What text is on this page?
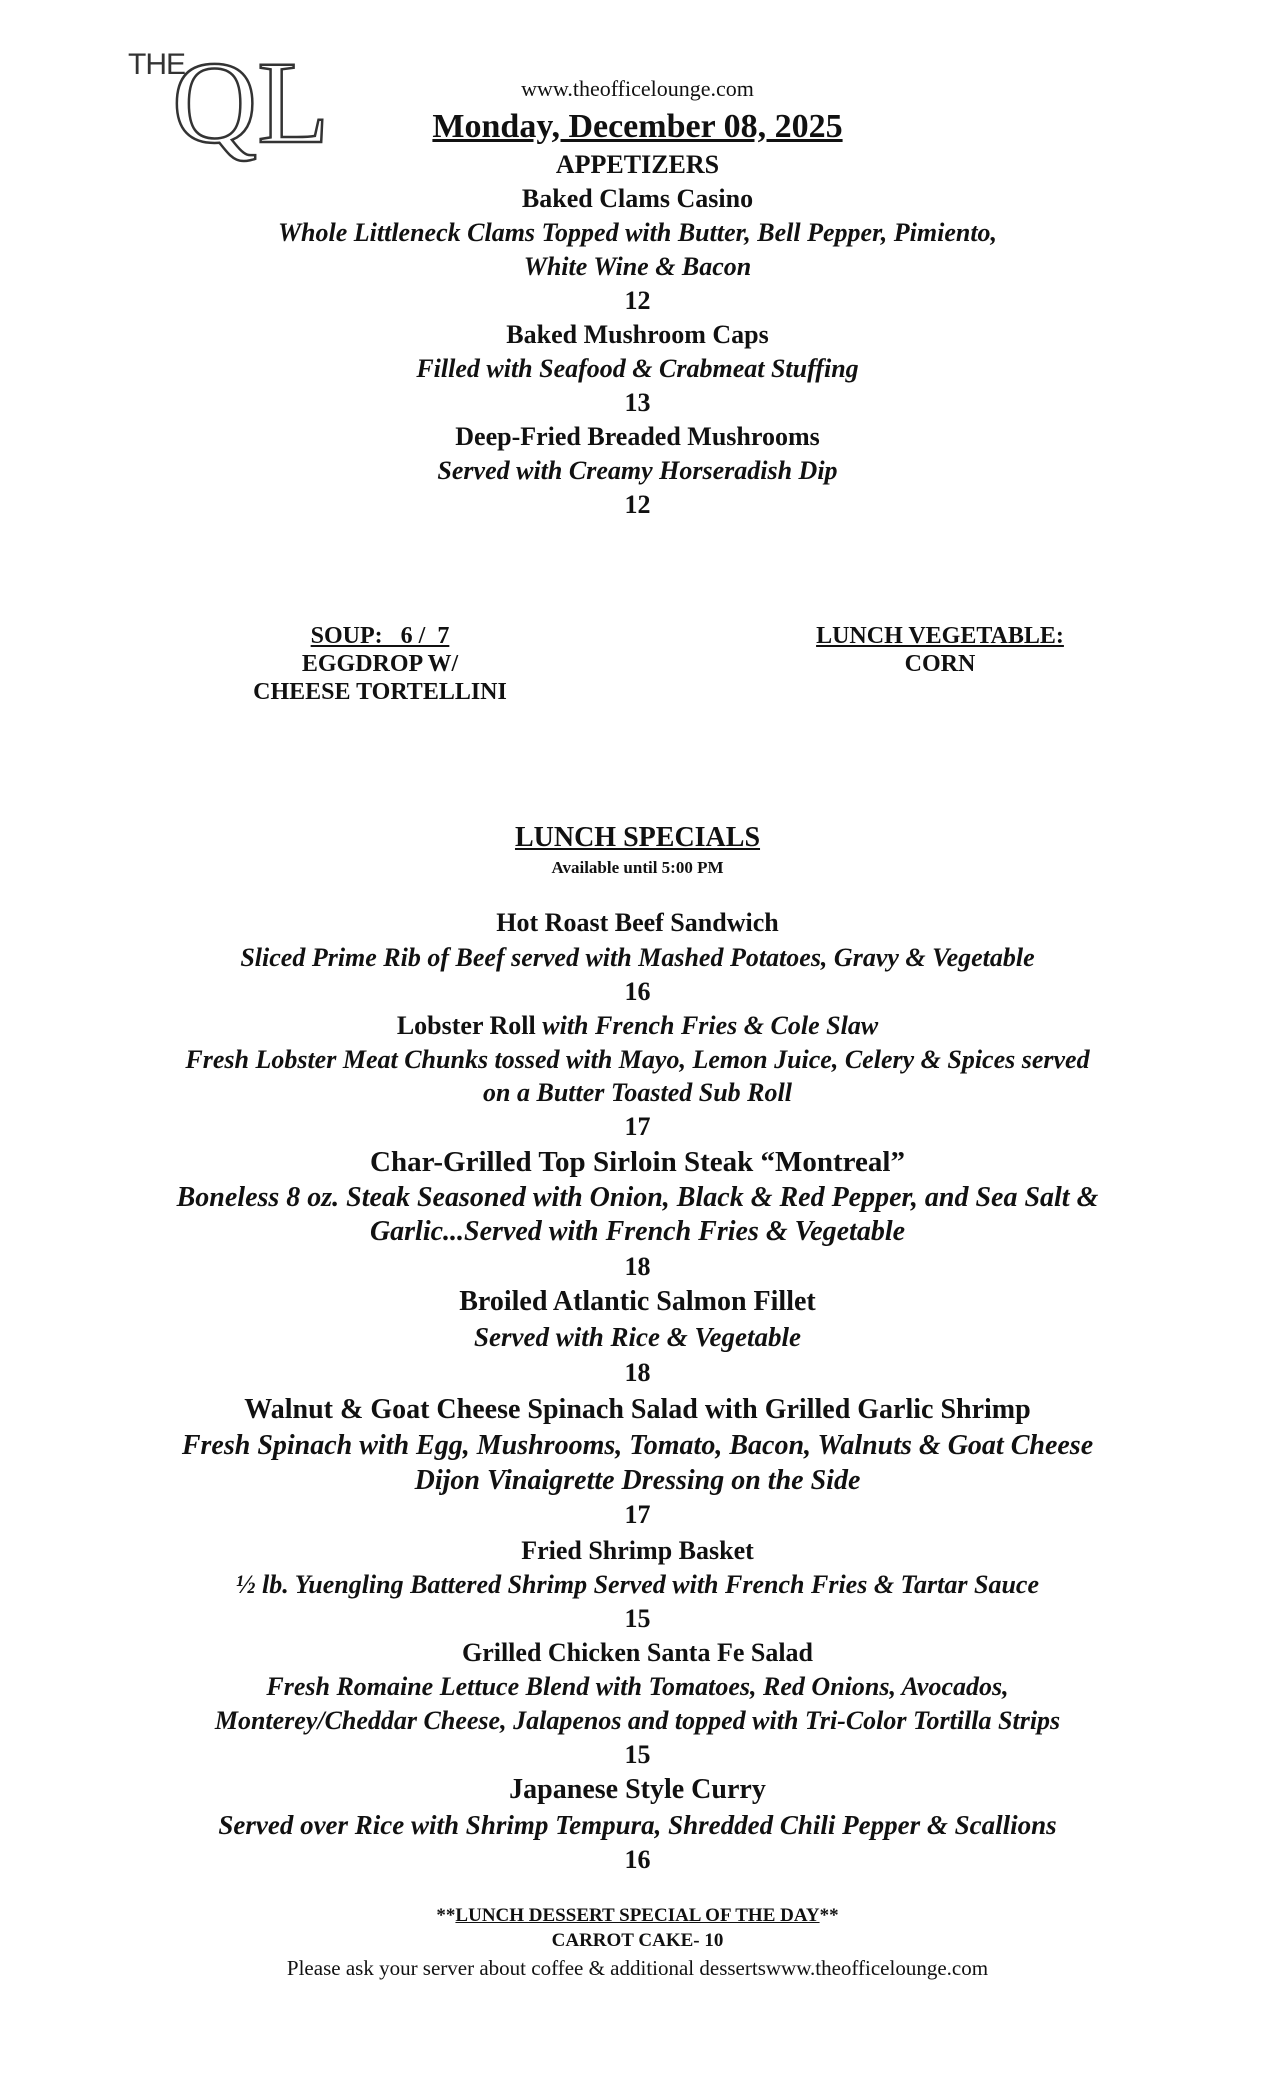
THE
QL	www.theofficelounge.com
Monday, December 08, 2025
APPETIZERS
Baked Clams Casino
Whole Littleneck Clams Topped with Butter, Bell Pepper, Pimiento,
White Wine & Bacon
12
Baked Mushroom Caps
Filled with Seafood & Crabmeat Stuffing
13
Deep-Fried Breaded Mushrooms
Served with Creamy Horseradish Dip
12
SOUP:   6 /  7
EGGDROP W/
CHEESE TORTELLINI
LUNCH VEGETABLE:
CORN
LUNCH SPECIALS
Available until 5:00 PM
Hot Roast Beef Sandwich
Sliced Prime Rib of Beef served with Mashed Potatoes, Gravy & Vegetable
16
Lobster Roll with French Fries & Cole Slaw
Fresh Lobster Meat Chunks tossed with Mayo, Lemon Juice, Celery & Spices served
on a Butter Toasted Sub Roll
17
Char-Grilled Top Sirloin Steak “Montreal”
Boneless 8 oz. Steak Seasoned with Onion, Black & Red Pepper, and Sea Salt &
Garlic...Served with French Fries & Vegetable
18
Broiled Atlantic Salmon Fillet
Served with Rice & Vegetable
18
Walnut & Goat Cheese Spinach Salad with Grilled Garlic Shrimp
Fresh Spinach with Egg, Mushrooms, Tomato, Bacon, Walnuts & Goat Cheese
Dijon Vinaigrette Dressing on the Side
17
Fried Shrimp Basket
½ lb. Yuengling Battered Shrimp Served with French Fries & Tartar Sauce
15
Grilled Chicken Santa Fe Salad
Fresh Romaine Lettuce Blend with Tomatoes, Red Onions, Avocados,
Monterey/Cheddar Cheese, Jalapenos and topped with Tri-Color Tortilla Strips
15
Japanese Style Curry
Served over Rice with Shrimp Tempura, Shredded Chili Pepper & Scallions
16
**LUNCH DESSERT SPECIAL OF THE DAY**
CARROT CAKE- 10
Please ask your server about coffee & additional dessertswww.theofficelounge.com
